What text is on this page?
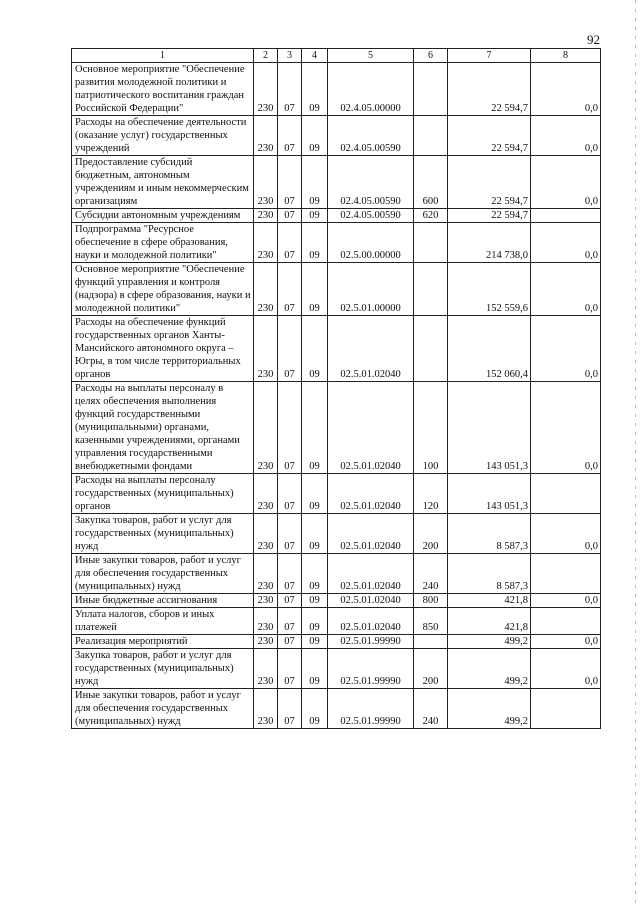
92
1	2	3	4	5	6	7	8
Основное мероприятие "Обеспечение развития молодежной политики и патриотического воспитания граждан Российской Федерации"	230	07	09	02.4.05.00000		22 594,7	0,0
Расходы на обеспечение деятельности (оказание услуг) государственных учреждений	230	07	09	02.4.05.00590		22 594,7	0,0
Предоставление субсидий бюджетным, автономным учреждениям и иным некоммерческим организациям	230	07	09	02.4.05.00590	600	22 594,7	0,0
Субсидии автономным учреждениям	230	07	09	02.4.05.00590	620	22 594,7	
Подпрограмма "Ресурсное обеспечение в сфере образования, науки и молодежной политики"	230	07	09	02.5.00.00000		214 738,0	0,0
Основное мероприятие "Обеспечение функций управления и контроля (надзора) в сфере образования, науки и молодежной политики"	230	07	09	02.5.01.00000		152 559,6	0,0
Расходы на обеспечение функций государственных органов Ханты-Мансийского автономного округа – Югры, в том числе территориальных органов	230	07	09	02.5.01.02040		152 060,4	0,0
Расходы на выплаты персоналу в целях обеспечения выполнения функций государственными (муниципальными) органами, казенными учреждениями, органами управления государственными внебюджетными фондами	230	07	09	02.5.01.02040	100	143 051,3	0,0
Расходы на выплаты персоналу государственных (муниципальных) органов	230	07	09	02.5.01.02040	120	143 051,3	
Закупка товаров, работ и услуг для государственных (муниципальных) нужд	230	07	09	02.5.01.02040	200	8 587,3	0,0
Иные закупки товаров, работ и услуг для обеспечения государственных (муниципальных) нужд	230	07	09	02.5.01.02040	240	8 587,3	
Иные бюджетные ассигнования	230	07	09	02.5.01.02040	800	421,8	0,0
Уплата налогов, сборов и иных платежей	230	07	09	02.5.01.02040	850	421,8	
Реализация мероприятий	230	07	09	02.5.01.99990		499,2	0,0
Закупка товаров, работ и услуг для государственных (муниципальных) нужд	230	07	09	02.5.01.99990	200	499,2	0,0
Иные закупки товаров, работ и услуг для обеспечения государственных (муниципальных) нужд	230	07	09	02.5.01.99990	240	499,2	
